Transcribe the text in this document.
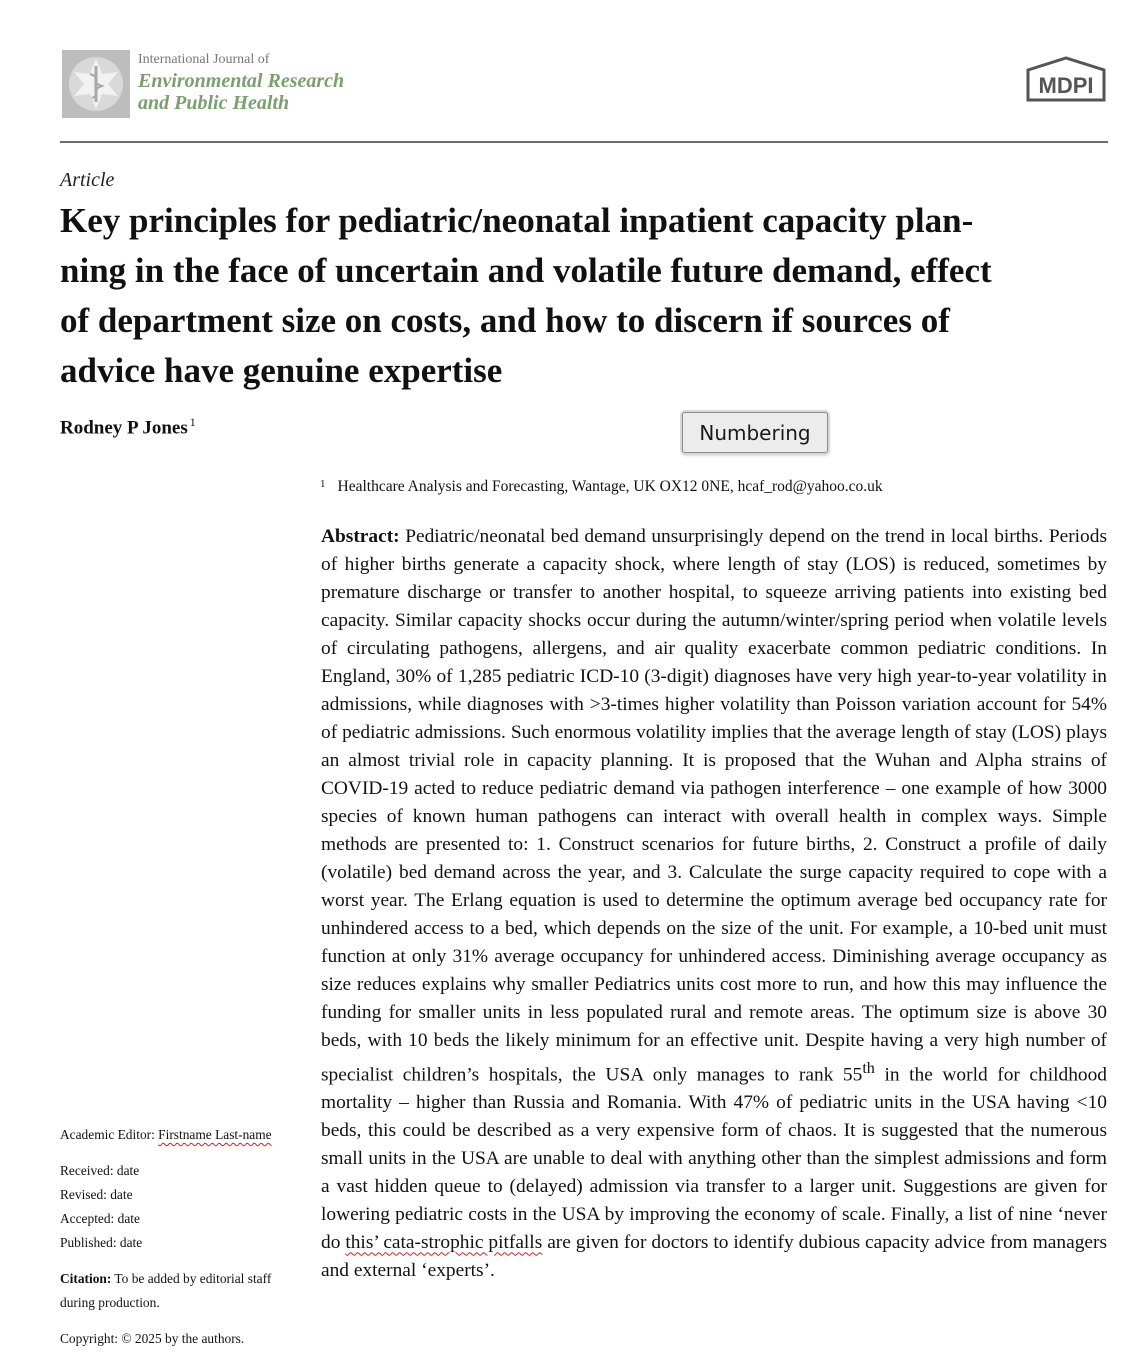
International Journal of
Environmental Research
and Public Health
MDPI
Article
Key principles for pediatric/neonatal inpatient capacity plan-
ning in the face of uncertain and volatile future demand, effect
of department size on costs, and how to discern if sources of
advice have genuine expertise
Rodney P Jones $^1$	Numbering
$^1$ Healthcare Analysis and Forecasting, Wantage, UK OX12 0NE, hcaf_rod@yahoo.co.uk

Abstract: Pediatric/neonatal bed demand unsurprisingly depend on the trend in local births. Periods of higher births generate a capacity shock, where length of stay (LOS) is reduced, sometimes by premature discharge or transfer to another hospital, to squeeze arriving patients into existing bed capacity. Similar capacity shocks occur during the autumn/winter/spring period when volatile levels of circulating pathogens, allergens, and air quality exacerbate common pediatric conditions. In England, 30% of 1,285 pediatric ICD-10 (3-digit) diagnoses have very high year-to-year volatility in admissions, while diagnoses with >3-times higher volatility than Poisson variation account for 54% of pediatric admissions. Such enormous volatility implies that the average length of stay (LOS) plays an almost trivial role in capacity planning. It is proposed that the Wuhan and Alpha strains of COVID-19 acted to reduce pediatric demand via pathogen interference – one example of how 3000 species of known human pathogens can interact with overall health in complex ways. Simple methods are presented to: 1. Construct scenarios for future births, 2. Construct a profile of daily (volatile) bed demand across the year, and 3. Calculate the surge capacity required to cope with a worst year. The Erlang equation is used to determine the optimum average bed occupancy rate for unhindered access to a bed, which depends on the size of the unit. For example, a 10-bed unit must function at only 31% average occupancy for unhindered access. Diminishing average occupancy as size reduces explains why smaller Pediatrics units cost more to run, and how this may influence the funding for smaller units in less populated rural and remote areas. The optimum size is above 30 beds, with 10 beds the likely minimum for an effective unit. Despite having a very high number of specialist children’s hospitals, the USA only manages to rank 55th in the world for childhood mortality – higher than Russia and Romania. With 47% of pediatric units in the USA having <10 beds, this could be described as a very expensive form of chaos. It is suggested that the numerous small units in the USA are unable to deal with anything other than the simplest admissions and form a vast hidden queue to (delayed) admission via transfer to a larger unit. Suggestions are given for lowering pediatric costs in the USA by improving the economy of scale. Finally, a list of nine ‘never do this’ cata-strophic pitfalls are given for doctors to identify dubious capacity advice from managers and external ‘experts’.

Academic Editor: Firstname Last-name
Received: date
Revised: date
Accepted: date
Published: date
Citation: To be added by editorial staff during production.
Copyright: © 2025 by the authors.
